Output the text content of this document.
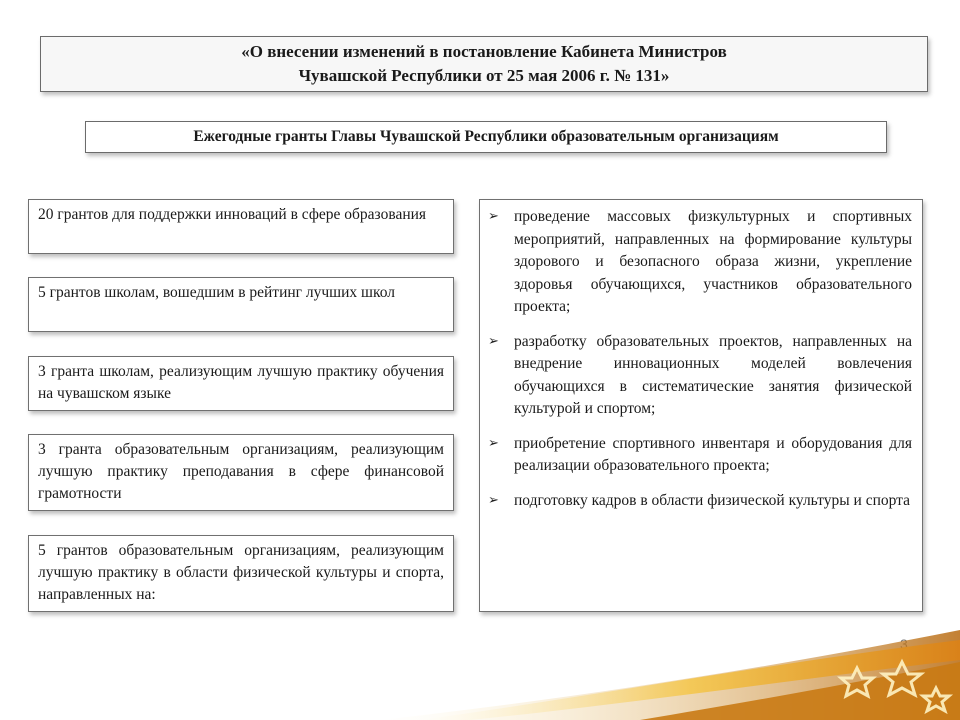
«О внесении изменений в постановление Кабинета Министров
Чувашской Республики от 25 мая 2006 г. № 131»
Ежегодные гранты Главы Чувашской Республики образовательным организациям
20 грантов для поддержки инноваций в сфере образования
5 грантов школам, вошедшим в рейтинг лучших школ
3 гранта школам, реализующим лучшую практику обучения на чувашском языке
3 гранта образовательным организациям, реализующим лучшую практику преподавания в сфере финансовой грамотности
5 грантов образовательным организациям, реализующим лучшую практику в области физической культуры и спорта, направленных на:
➢ проведение массовых физкультурных и спортивных мероприятий, направленных на формирование культуры здорового и безопасного образа жизни, укрепление здоровья обучающихся, участников образовательного проекта;
➢ разработку образовательных проектов, направленных на внедрение инновационных моделей вовлечения обучающихся в систематические занятия физической культурой и спортом;
➢ приобретение спортивного инвентаря и оборудования для реализации образовательного проекта;
➢ подготовку кадров в области физической культуры и спорта
